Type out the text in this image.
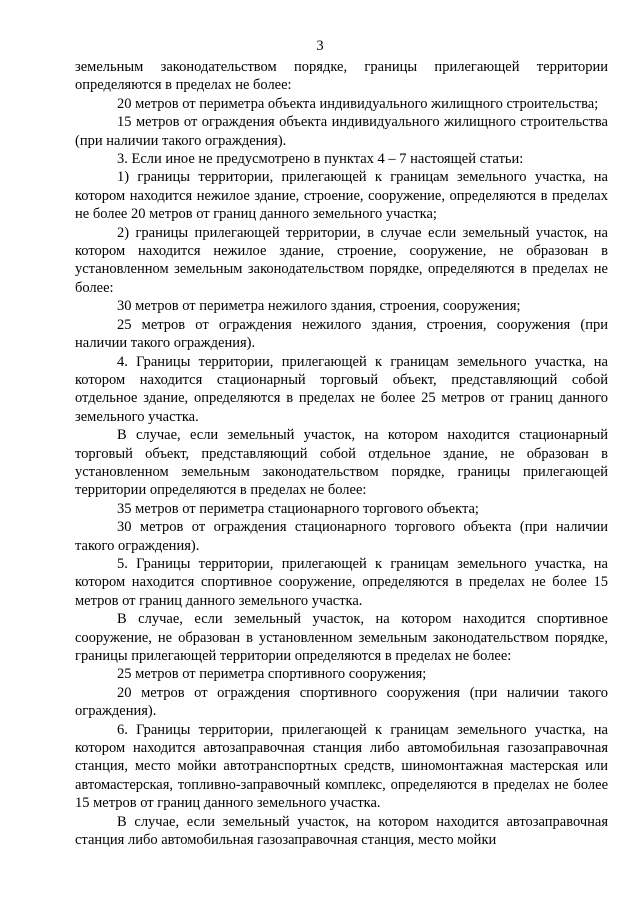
3

земельным законодательством порядке, границы прилегающей территории определяются в пределах не более:

20 метров от периметра объекта индивидуального жилищного строительства;

15 метров от ограждения объекта индивидуального жилищного строительства (при наличии такого ограждения).

3. Если иное не предусмотрено в пунктах 4 – 7 настоящей статьи:

1) границы территории, прилегающей к границам земельного участка, на котором находится нежилое здание, строение, сооружение, определяются в пределах не более 20 метров от границ данного земельного участка;

2) границы прилегающей территории, в случае если земельный участок, на котором находится нежилое здание, строение, сооружение, не образован в установленном земельным законодательством порядке, определяются в пределах не более:

30 метров от периметра нежилого здания, строения, сооружения;

25 метров от ограждения нежилого здания, строения, сооружения (при наличии такого ограждения).

4. Границы территории, прилегающей к границам земельного участка, на котором находится стационарный торговый объект, представляющий собой отдельное здание, определяются в пределах не более 25 метров от границ данного земельного участка.

В случае, если земельный участок, на котором находится стационарный торговый объект, представляющий собой отдельное здание, не образован в установленном земельным законодательством порядке, границы прилегающей территории определяются в пределах не более:

35 метров от периметра стационарного торгового объекта;

30 метров от ограждения стационарного торгового объекта (при наличии такого ограждения).

5. Границы территории, прилегающей к границам земельного участка, на котором находится спортивное сооружение, определяются в пределах не более 15 метров от границ данного земельного участка.

В случае, если земельный участок, на котором находится спортивное сооружение, не образован в установленном земельным законодательством порядке, границы прилегающей территории определяются в пределах не более:

25 метров от периметра спортивного сооружения;

20 метров от ограждения спортивного сооружения (при наличии такого ограждения).

6. Границы территории, прилегающей к границам земельного участка, на котором находится автозаправочная станция либо автомобильная газозаправочная станция, место мойки автотранспортных средств, шиномонтажная мастерская или автомастерская, топливно-заправочный комплекс, определяются в пределах не более 15 метров от границ данного земельного участка.

В случае, если земельный участок, на котором находится автозаправочная станция либо автомобильная газозаправочная станция, место мойки
